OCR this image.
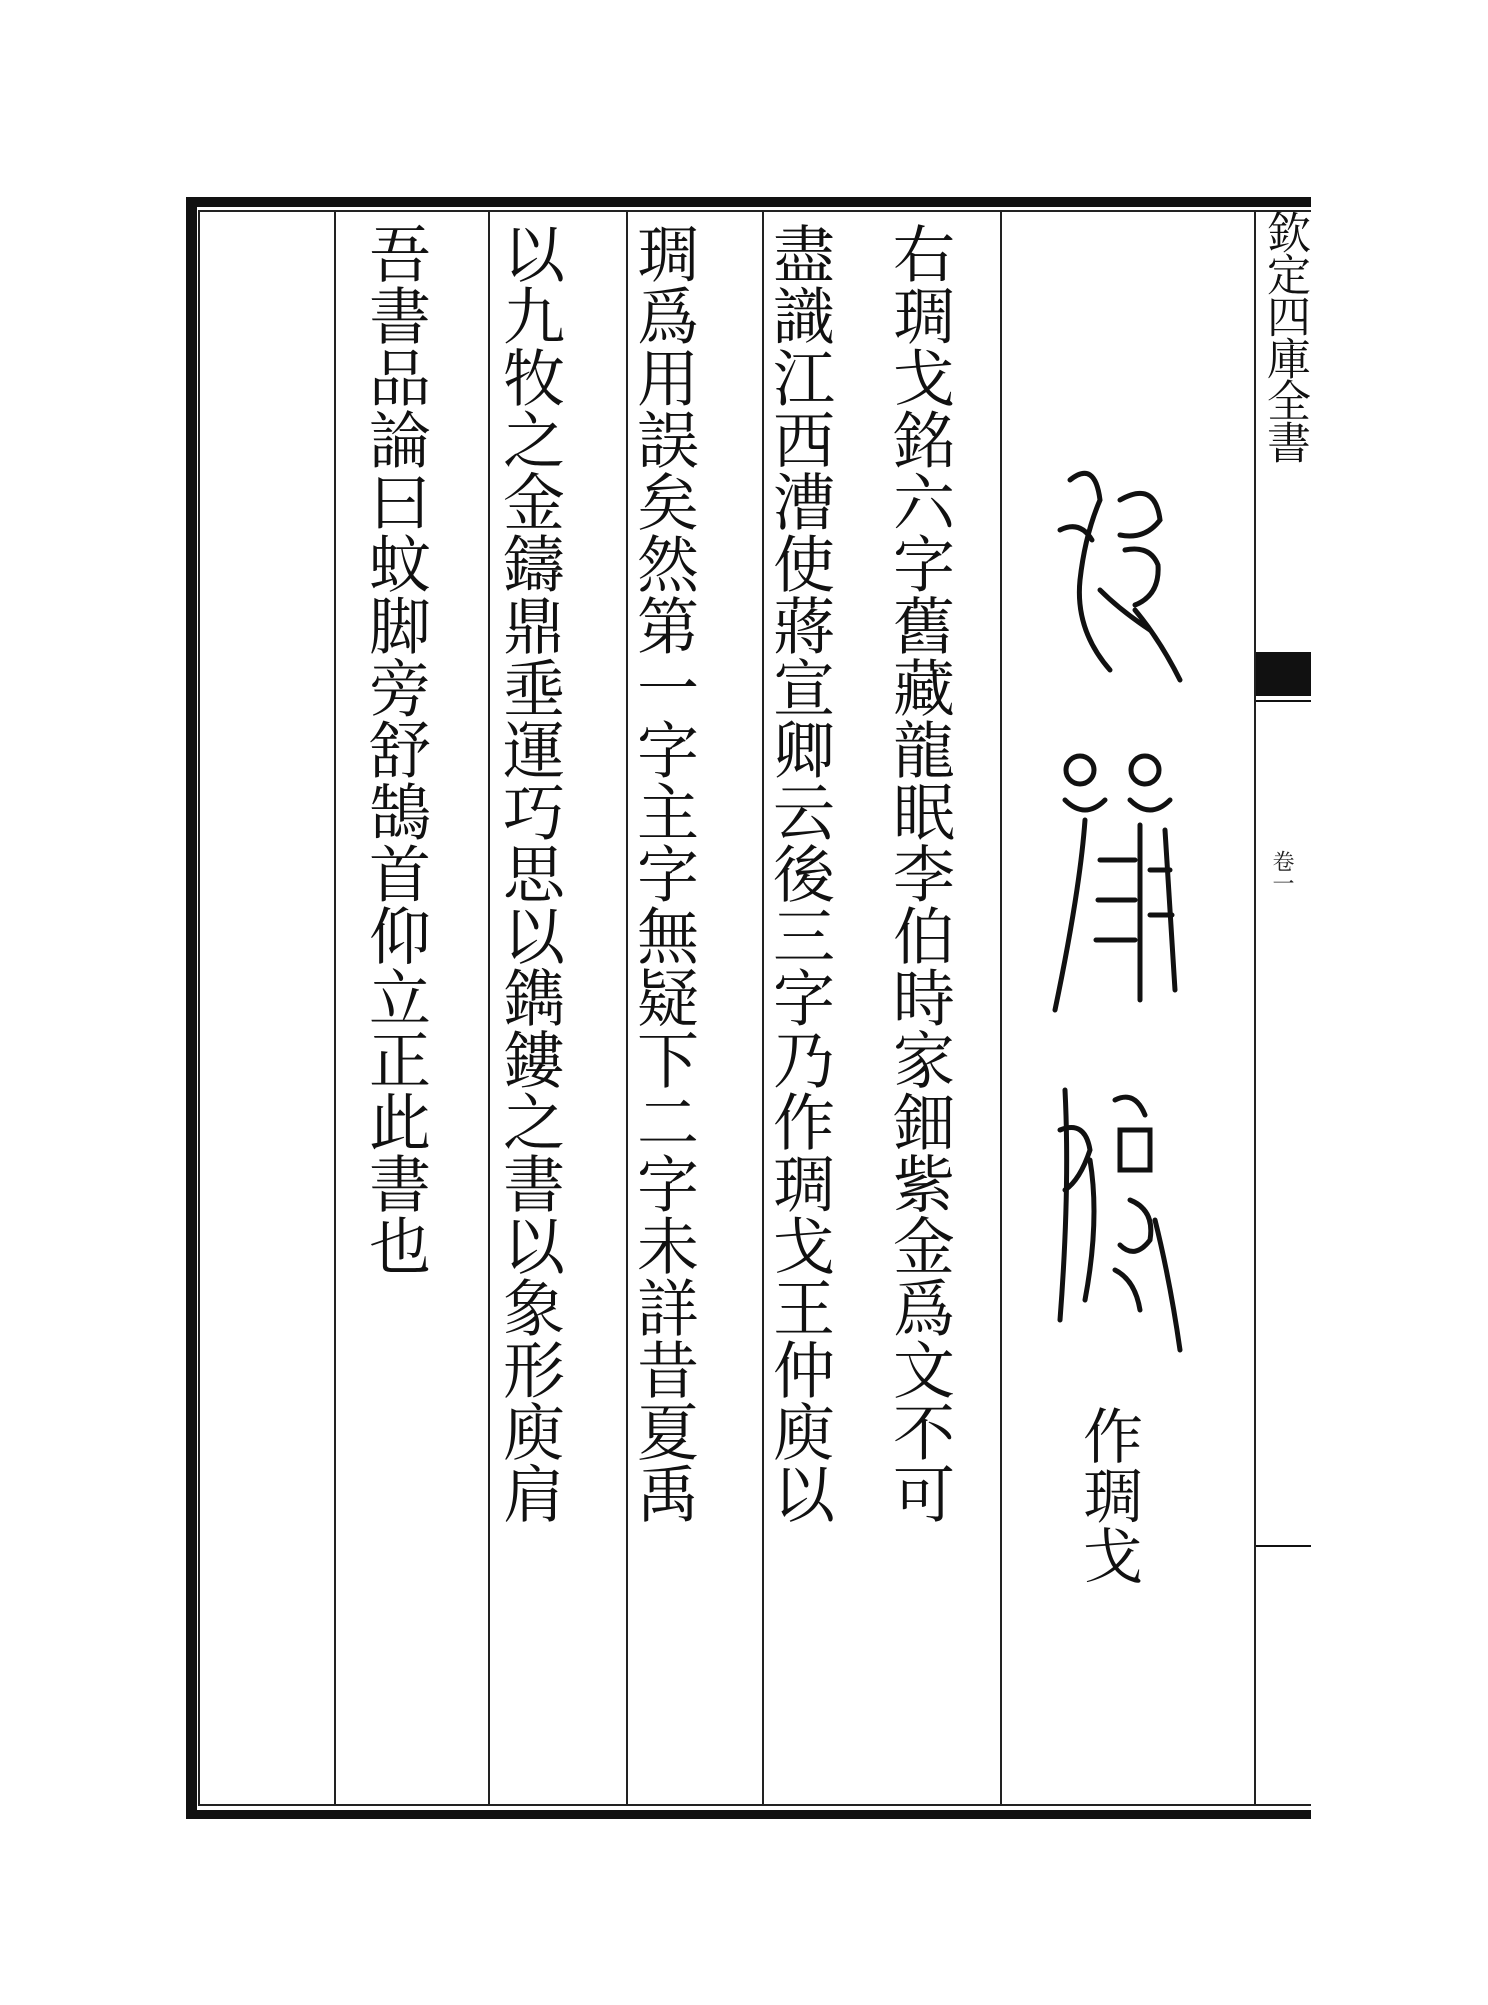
欽定四庫全書
卷一
作琱戈
右琱戈銘六字舊藏龍眠李伯時家鈿紫金爲文不可
盡識江西漕使蔣宣卿云後三字乃作琱戈王仲庾以
琱爲用誤矣然第一字主字無疑下二字未詳昔夏禹
以九牧之金鑄鼎埀運巧思以鐫鏤之書以象形庾肩
吾書品論曰蚊脚旁舒鵠首仰立正此書也
